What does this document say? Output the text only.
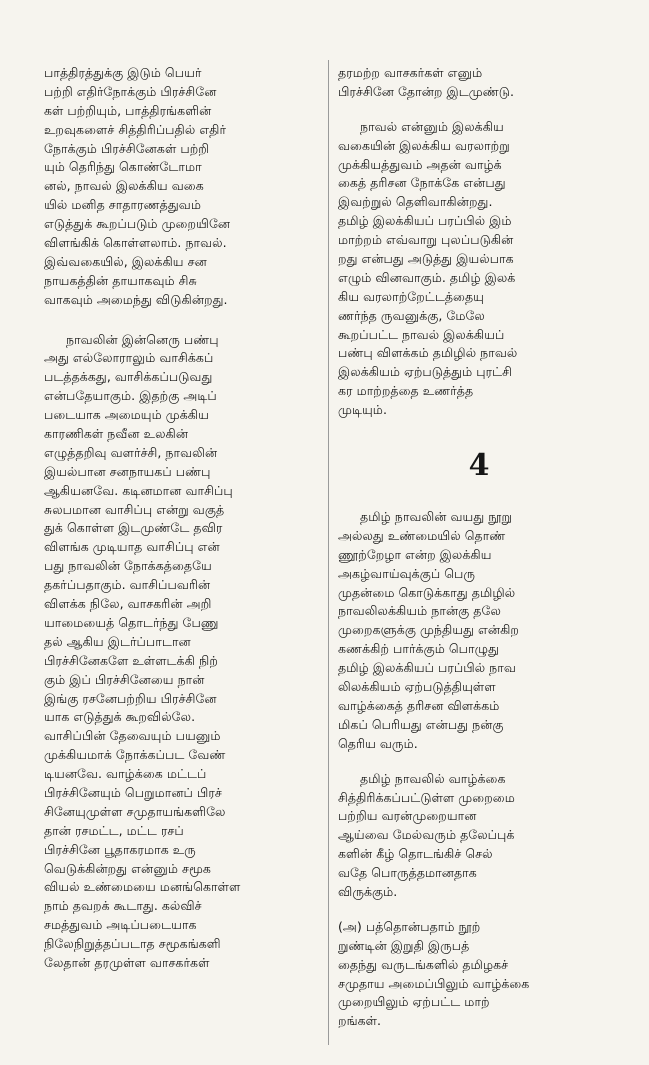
பாத்திரத்துக்கு இடும் பெயர்
பற்றி எதிர்நோக்கும் பிரச்சினே
கள் பற்றியும், பாத்திரங்களின்
உறவுகளைச் சித்திரிப்பதில் எதிர்
நோக்கும் பிரச்சினேகள் பற்றி
யும் தெரிந்து கொண்டோமா
னல், நாவல் இலக்கிய வகை
யில் மனித சாதாரணத்துவம்
எடுத்துக் கூறப்படும் முறையினே
விளங்கிக் கொள்ளலாம். நாவல்.
இவ்வகையில், இலக்கிய சன
நாயகத்தின் தாயாகவும் சிசு
வாகவும் அமைந்து விடுகின்றது.
நாவலின் இன்னெரு பண்பு
அது எல்லோராலும் வாசிக்கப்
படத்தக்கது, வாசிக்கப்படுவது
என்பதேயாகும். இதற்கு அடிப்
படையாக அமையும் முக்கிய
காரணிகள் நவீன உலகின்
எழுத்தறிவு வளர்ச்சி, நாவலின்
இயல்பான சனநாயகப் பண்பு
ஆகியனவே. கடினமான வாசிப்பு
சுலபமான வாசிப்பு என்று வகுத்
துக் கொள்ள இடமுண்டே தவிர
விளங்க முடியாத வாசிப்பு என்
பது நாவலின் நோக்கத்தையே
தகர்ப்பதாகும். வாசிப்பவரின்
விளக்க நிலே, வாசகரின் அறி
யாமையைத் தொடர்ந்து பேணு
தல் ஆகிய இடர்ப்பாடான
பிரச்சினேகளே உள்ளடக்கி நிற்
கும் இப் பிரச்சினேயை நான்
இங்கு ரசனேபற்றிய பிரச்சினே
யாக எடுத்துக் கூறவில்லே.
வாசிப்பின் தேவையும் பயனும்
முக்கியமாக் நோக்கப்பட வேண்
டியனவே. வாழ்க்கை மட்டப்
பிரச்சினேயும் பெறுமானப் பிரச்
சினேயுமுள்ள சமுதாயங்களிலே
தான் ரசமட்ட, மட்ட ரசப்
பிரச்சினே பூதாகரமாக உரு
வெடுக்கின்றது என்னும் சமூக
வியல் உண்மையை மனங்கொள்ள
நாம் தவறக் கூடாது. கல்விச்
சமத்துவம் அடிப்படையாக
நிலேநிறுத்தப்படாத சமூகங்களி
லேதான் தரமுள்ள வாசகர்கள்
தரமற்ற வாசகர்கள் எனும்
பிரச்சினே தோன்ற இடமுண்டு.
நாவல் என்னும் இலக்கிய
வகையின் இலக்கிய வரலாற்று
முக்கியத்துவம் அதன் வாழ்க்
கைத் தரிசன நோக்கே என்பது
இவற்றுல் தெளிவாகின்றது.
தமிழ் இலக்கியப் பரப்பில் இம்
மாற்றம் எவ்வாறு புலப்படுகின்
றது என்பது அடுத்து இயல்பாக
எழும் வினவாகும். தமிழ் இலக்
கிய வரலாற்றேட்டத்தையு
ணர்ந்த ருவனுக்கு, மேலே
கூறப்பட்ட நாவல் இலக்கியப்
பண்பு விளக்கம் தமிழில் நாவல்
இலக்கியம் ஏற்படுத்தும் புரட்சி
கர மாற்றத்தை உணர்த்த
முடியும்.
4
தமிழ் நாவலின் வயது நூறு
அல்லது உண்மையில் தொண்
ணூற்றேழா என்ற இலக்கிய
அகழ்வாய்வுக்குப் பெரு
முதன்மை கொடுக்காது தமிழில்
நாவலிலக்கியம் நான்கு தலே
முறைகளுக்கு முந்தியது என்கிற
கணக்கிற் பார்க்கும் பொழுது
தமிழ் இலக்கியப் பரப்பில் நாவ
லிலக்கியம் ஏற்படுத்தியுள்ள
வாழ்க்கைத் தரிசன விளக்கம்
மிகப் பெரியது என்பது நன்கு
தெரிய வரும்.
தமிழ் நாவலில் வாழ்க்கை
சித்திரிக்கப்பட்டுள்ள முறைமை
பற்றிய வரன்முறையான
ஆய்வை மேல்வரும் தலேப்புக்
களின் கீழ் தொடங்கிச் செல்
வதே பொருத்தமானதாக
விருக்கும்.
(அ) பத்தொன்பதாம் நூற்
றுண்டின் இறுதி இருபத்
தைந்து வருடங்களில் தமிழகச்
சமுதாய அமைப்பிலும் வாழ்க்கை
முறையிலும் ஏற்பட்ட மாற்
றங்கள்.
